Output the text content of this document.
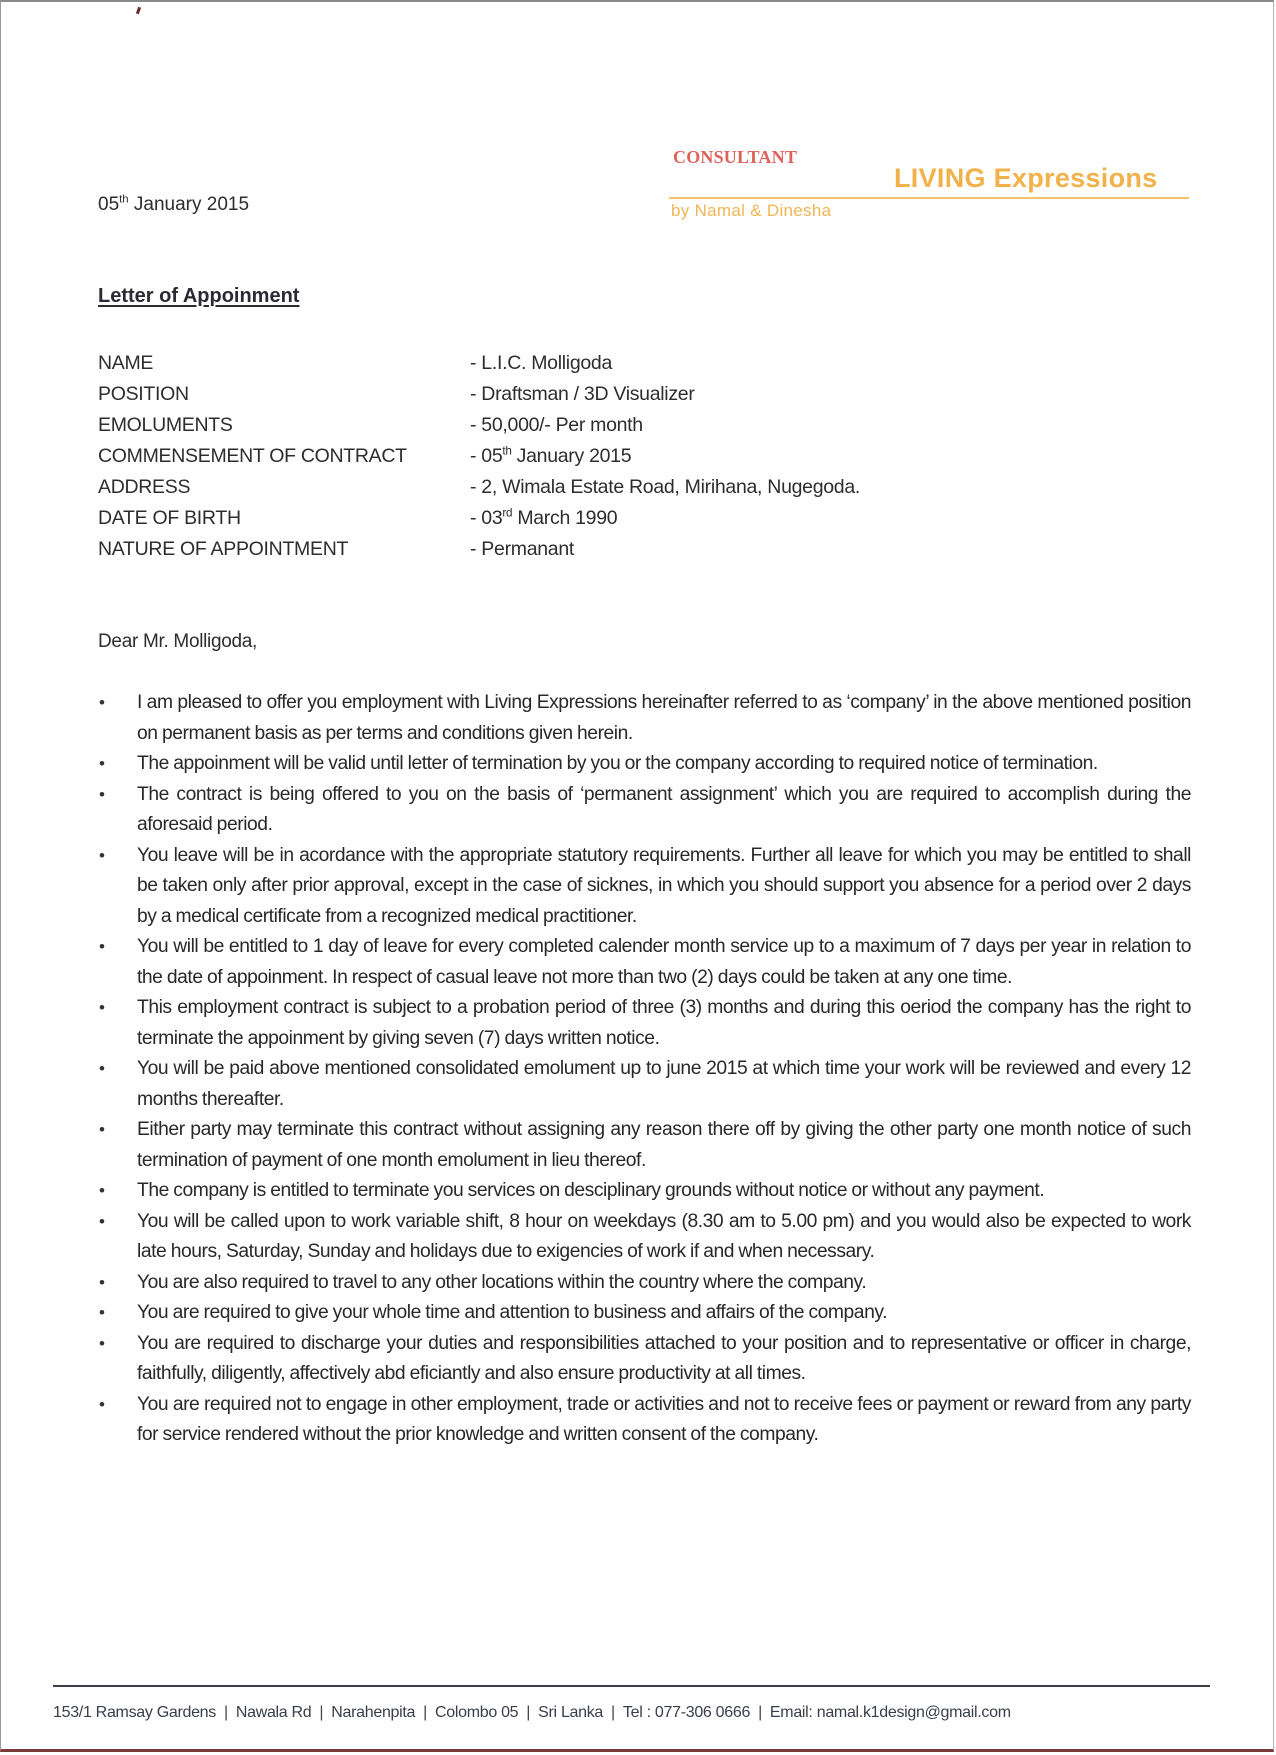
CONSULTANT
LIVING Expressions
by Namal & Dinesha
05th January 2015
Letter of Appoinment
NAME	- L.I.C. Molligoda
POSITION	- Draftsman / 3D Visualizer
EMOLUMENTS	- 50,000/- Per month
COMMENSEMENT OF CONTRACT	- 05th January 2015
ADDRESS	- 2, Wimala Estate Road, Mirihana, Nugegoda.
DATE OF BIRTH	- 03rd March 1990
NATURE OF APPOINTMENT	- Permanant
Dear Mr. Molligoda,
• I am pleased to offer you employment with Living Expressions hereinafter referred to as ‘company’ in the above mentioned position on permanent basis as per terms and conditions given herein.
• The appoinment will be valid until letter of termination by you or the company according to required notice of termination.
• The contract is being offered to you on the basis of ‘permanent assignment’ which you are required to accomplish during the aforesaid period.
• You leave will be in acordance with the appropriate statutory requirements. Further all leave for which you may be entitled to shall be taken only after prior approval, except in the case of sicknes, in which you should support you absence for a period over 2 days by a medical certificate from a recognized medical practitioner.
• You will be entitled to 1 day of leave for every completed calender month service up to a maximum of 7 days per year in relation to the date of appoinment. In respect of casual leave not more than two (2) days could be taken at any one time.
• This employment contract is subject to a probation period of three (3) months and during this oeriod the company has the right to terminate the appoinment by giving seven (7) days written notice.
• You will be paid above mentioned consolidated emolument up to june 2015 at which time your work will be reviewed and every 12 months thereafter.
• Either party may terminate this contract without assigning any reason there off by giving the other party one month notice of such termination of payment of one month emolument in lieu thereof.
• The company is entitled to terminate you services on desciplinary grounds without notice or without any payment.
• You will be called upon to work variable shift, 8 hour on weekdays (8.30 am to 5.00 pm) and you would also be expected to work late hours, Saturday, Sunday and holidays due to exigencies of work if and when necessary.
• You are also required to travel to any other locations within the country where the company.
• You are required to give your whole time and attention to business and affairs of the company.
• You are required to discharge your duties and responsibilities attached to your position and to representative or officer in charge, faithfully, diligently, affectively abd eficiantly and also ensure productivity at all times.
• You are required not to engage in other employment, trade or activities and not to receive fees or payment or reward from any party for service rendered without the prior knowledge and written consent of the company.
153/1 Ramsay Gardens | Nawala Rd | Narahenpita | Colombo 05 | Sri Lanka | Tel : 077-306 0666 | Email: namal.k1design@gmail.com
